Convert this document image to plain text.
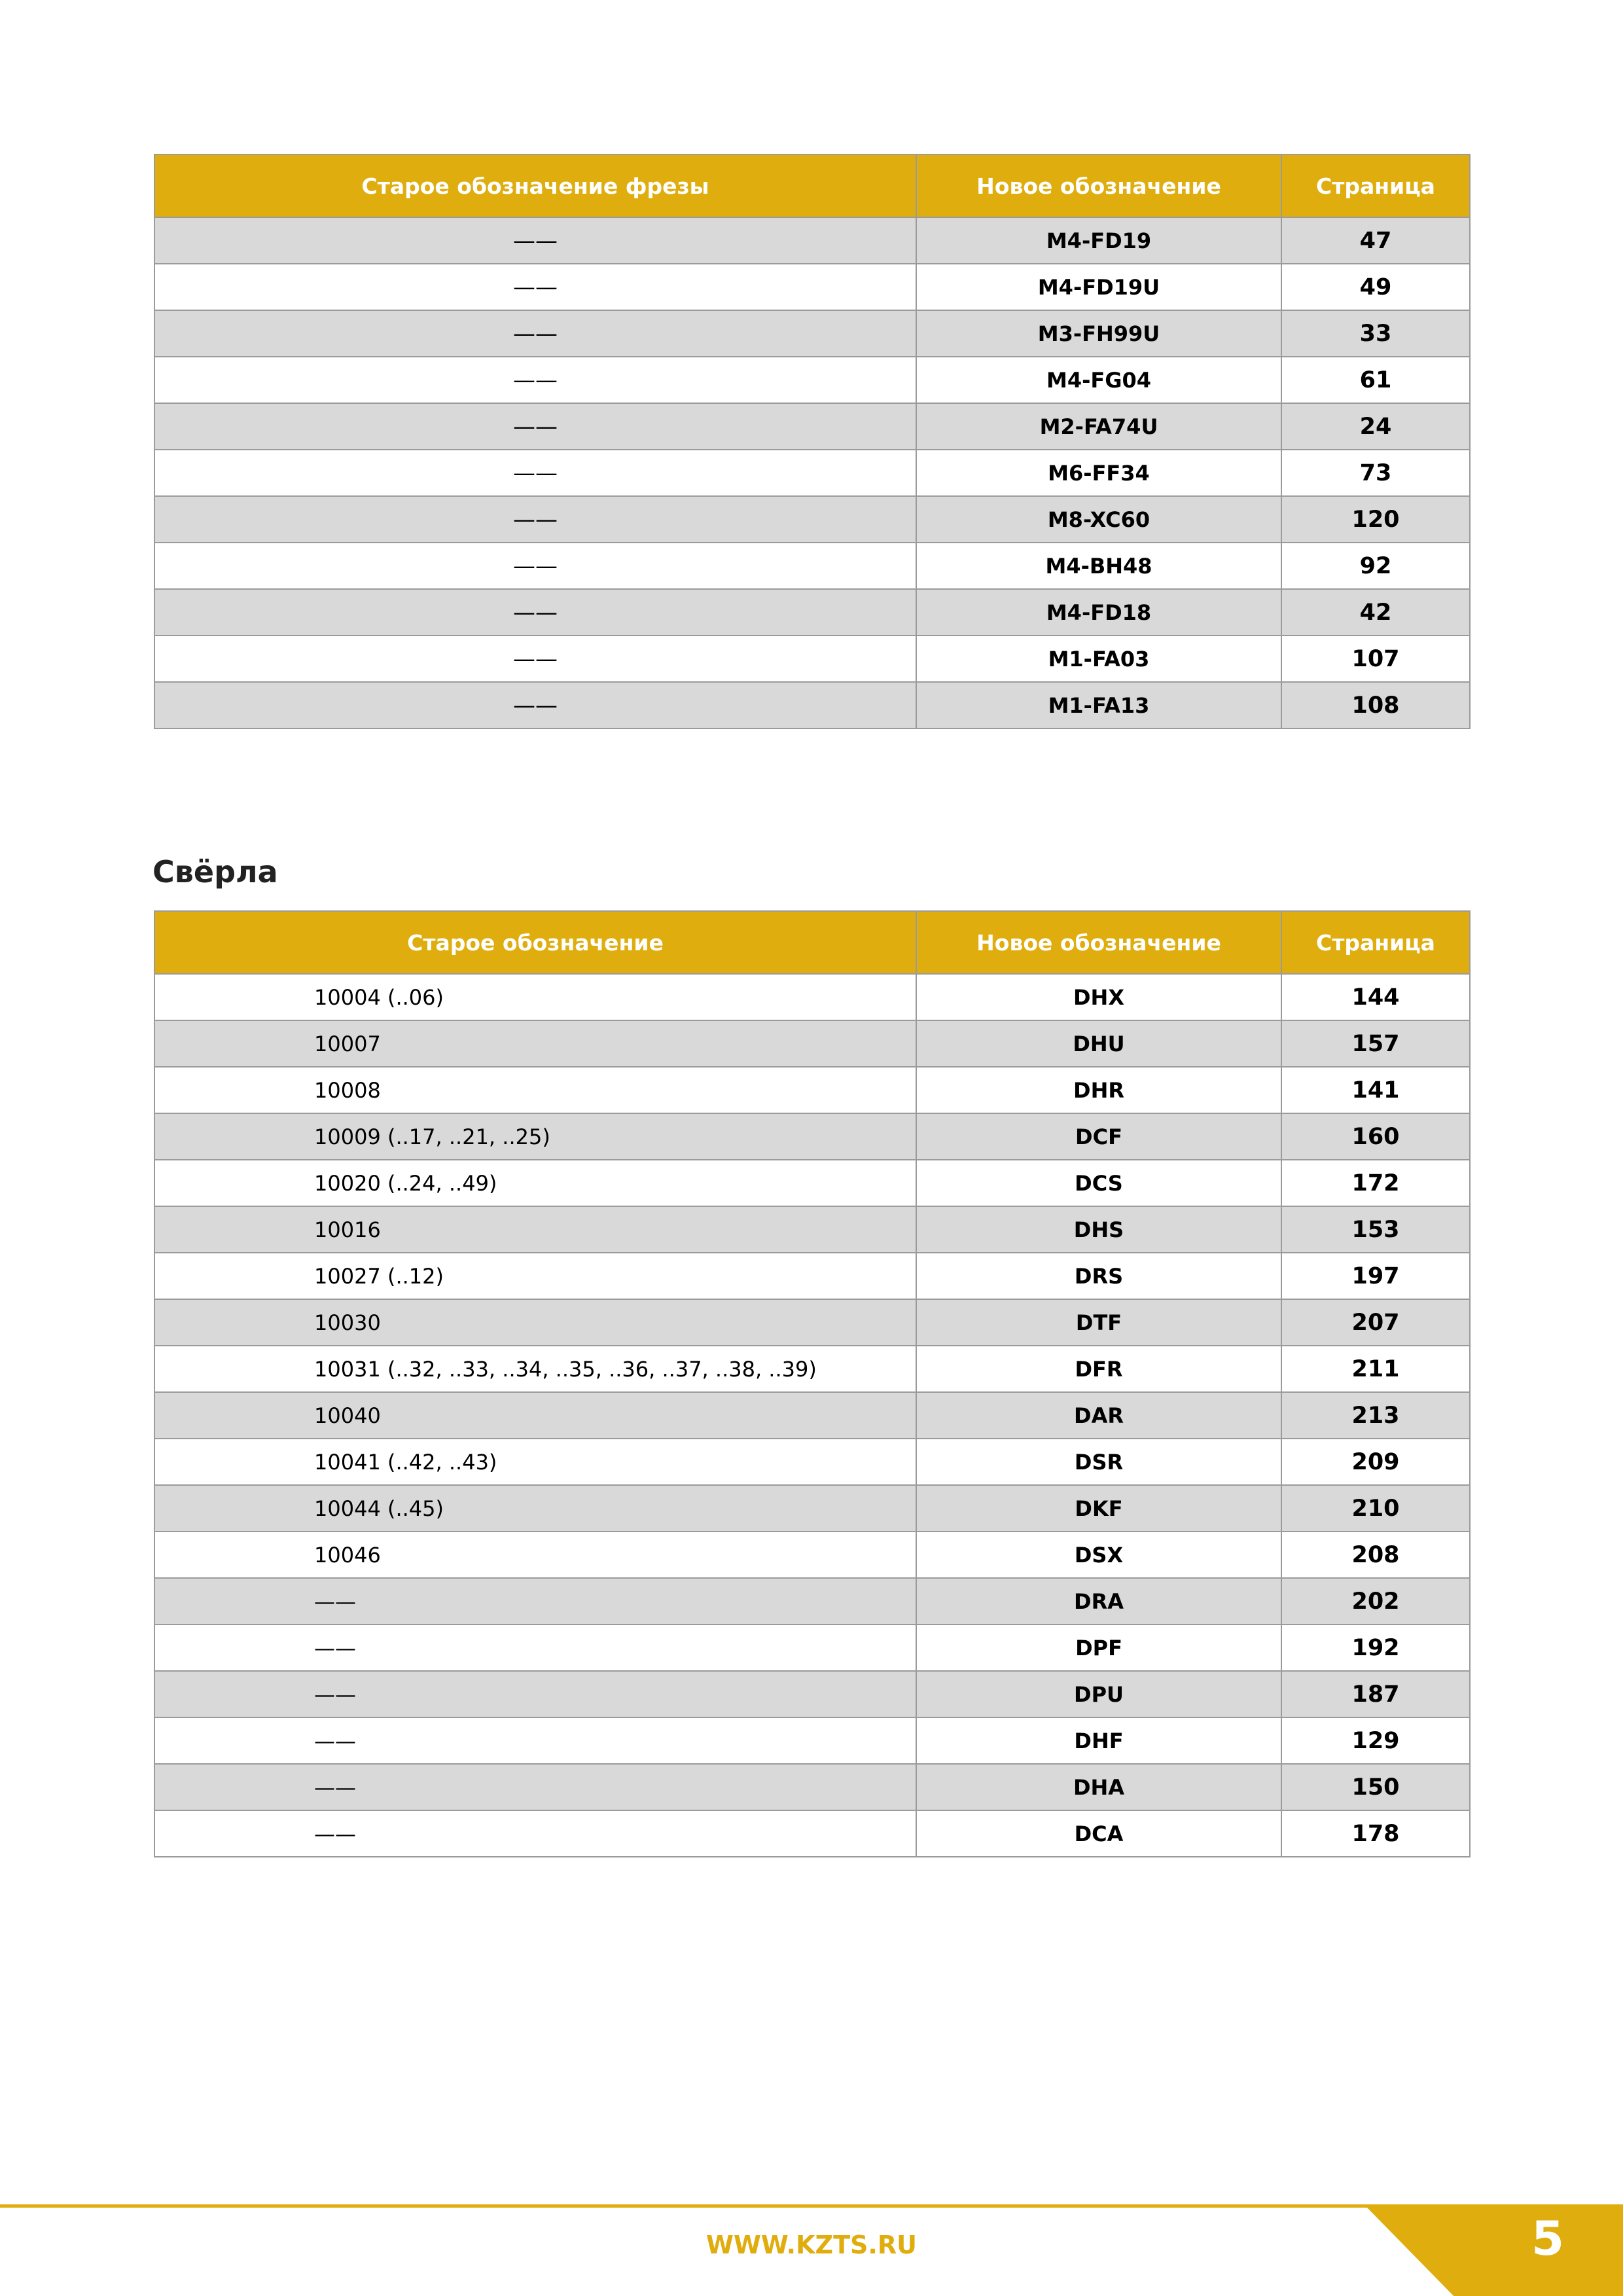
Старое обозначение фрезы	Новое обозначение	Страница
——	M4-FD19	47
——	M4-FD19U	49
——	M3-FH99U	33
——	M4-FG04	61
——	M2-FA74U	24
——	M6-FF34	73
——	M8-XC60	120
——	M4-BH48	92
——	M4-FD18	42
——	M1-FA03	107
——	M1-FA13	108
Свёрла
Старое обозначение	Новое обозначение	Страница
10004 (..06)	DHX	144
10007	DHU	157
10008	DHR	141
10009 (..17, ..21, ..25)	DCF	160
10020 (..24, ..49)	DCS	172
10016	DHS	153
10027 (..12)	DRS	197
10030	DTF	207
10031 (..32, ..33, ..34, ..35, ..36, ..37, ..38, ..39)	DFR	211
10040	DAR	213
10041 (..42, ..43)	DSR	209
10044 (..45)	DKF	210
10046	DSX	208
——	DRA	202
——	DPF	192
——	DPU	187
——	DHF	129
——	DHA	150
——	DCA	178
WWW.KZTS.RU	5
